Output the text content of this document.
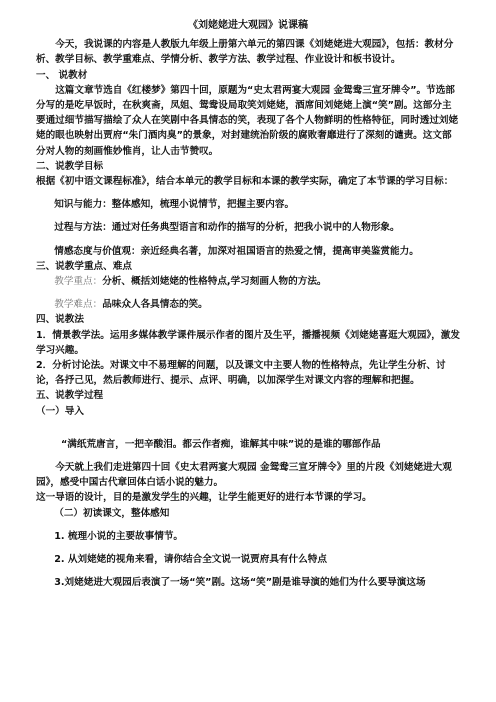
《刘姥姥进大观园》说课稿

今天，我说课的内容是人教版九年级上册第六单元的第四课《刘姥姥进大观园》，包括：教材分析、教学目标、教学重难点、学情分析、教学方法、教学过程、作业设计和板书设计。

一、 说教材

这篇文章节选自《红楼梦》第四十回，原题为“史太君两宴大观园 金鸳鸯三宣牙牌令”。节选部分写的是吃早饭时，在秋爽斋，凤姐、鸳鸯设局取笑刘姥姥，酒席间刘姥姥上演“笑”剧。这部分主要通过细节描写描绘了众人在笑剧中各具情态的笑，表现了各个人物鲜明的性格特征，同时透过刘姥姥的眼也映射出贾府“朱门酒肉臭”的景象，对封建统治阶级的腐败奢靡进行了深刻的谴责。这文部分对人物的刻画惟妙惟肖，让人击节赞叹。

二、说教学目标

根据《初中语文课程标准》，结合本单元的教学目标和本课的教学实际，确定了本节课的学习目标：

知识与能力：整体感知，梳理小说情节，把握主要内容。

过程与方法：通过对任务典型语言和动作的描写的分析，把我小说中的人物形象。

情感态度与价值观：亲近经典名著，加深对祖国语言的热爱之情，提高审美鉴赏能力。

三、说教学重点、难点

教学重点：分析、概括刘姥姥的性格特点,学习刻画人物的方法。

教学难点：品味众人各具情态的笑。

四、说教法

1．情景教学法。运用多媒体教学课件展示作者的图片及生平，播播视频《刘姥姥喜逛大观园》，激发学习兴趣。

2．分析讨论法。对课文中不易理解的问题，以及课文中主要人物的性格特点，先让学生分析、讨论，各抒己见，然后教师进行、提示、点评、明确，以加深学生对课文内容的理解和把握。

五、说教学过程

（一）导入

“满纸荒唐言，一把辛酸泪。都云作者痴，谁解其中味”说的是谁的哪部作品

今天就上我们走进第四十回《史太君两宴大观园 金鸳鸯三宣牙牌令》里的片段《刘姥姥进大观园》，感受中国古代章回体白话小说的魅力。

这一导语的设计，目的是激发学生的兴趣，让学生能更好的进行本节课的学习。

（二）初读课文，整体感知

1. 梳理小说的主要故事情节。

2. 从刘姥姥的视角来看，请你结合全文说一说贾府具有什么特点

3.刘姥姥进大观园后表演了一场“笑”剧。这场“笑”剧是谁导演的她们为什么要导演这场
